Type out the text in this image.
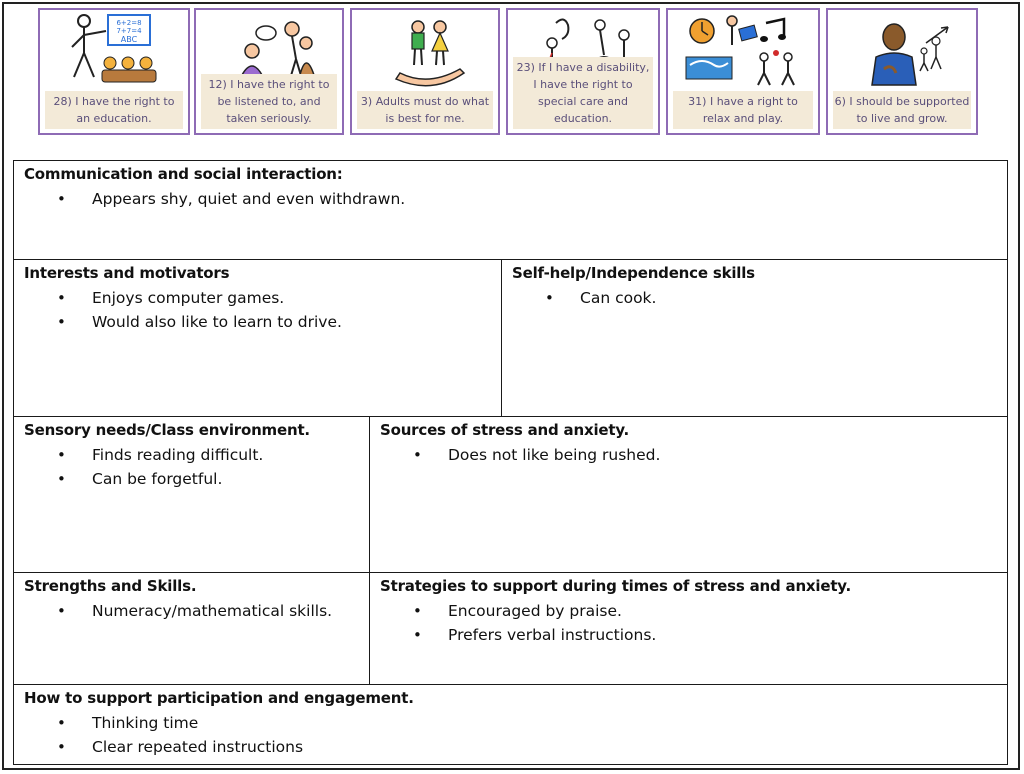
6+2=8
7+7=4
ABC
28) I have the right to an education.
12) I have the right to be listened to, and taken seriously.
3) Adults must do what is best for me.
23) If I have a disability, I have the right to special care and education.
31) I have a right to relax and play.
6) I should be supported to live and grow.
Communication and social interaction:
• Appears shy, quiet and even withdrawn.
Interests and motivators
• Enjoys computer games.
• Would also like to learn to drive.
Self-help/Independence skills
• Can cook.
Sensory needs/Class environment.
• Finds reading difficult.
• Can be forgetful.
Sources of stress and anxiety.
• Does not like being rushed.
Strengths and Skills.
• Numeracy/mathematical skills.
Strategies to support during times of stress and anxiety.
• Encouraged by praise.
• Prefers verbal instructions.
How to support participation and engagement.
• Thinking time
• Clear repeated instructions
